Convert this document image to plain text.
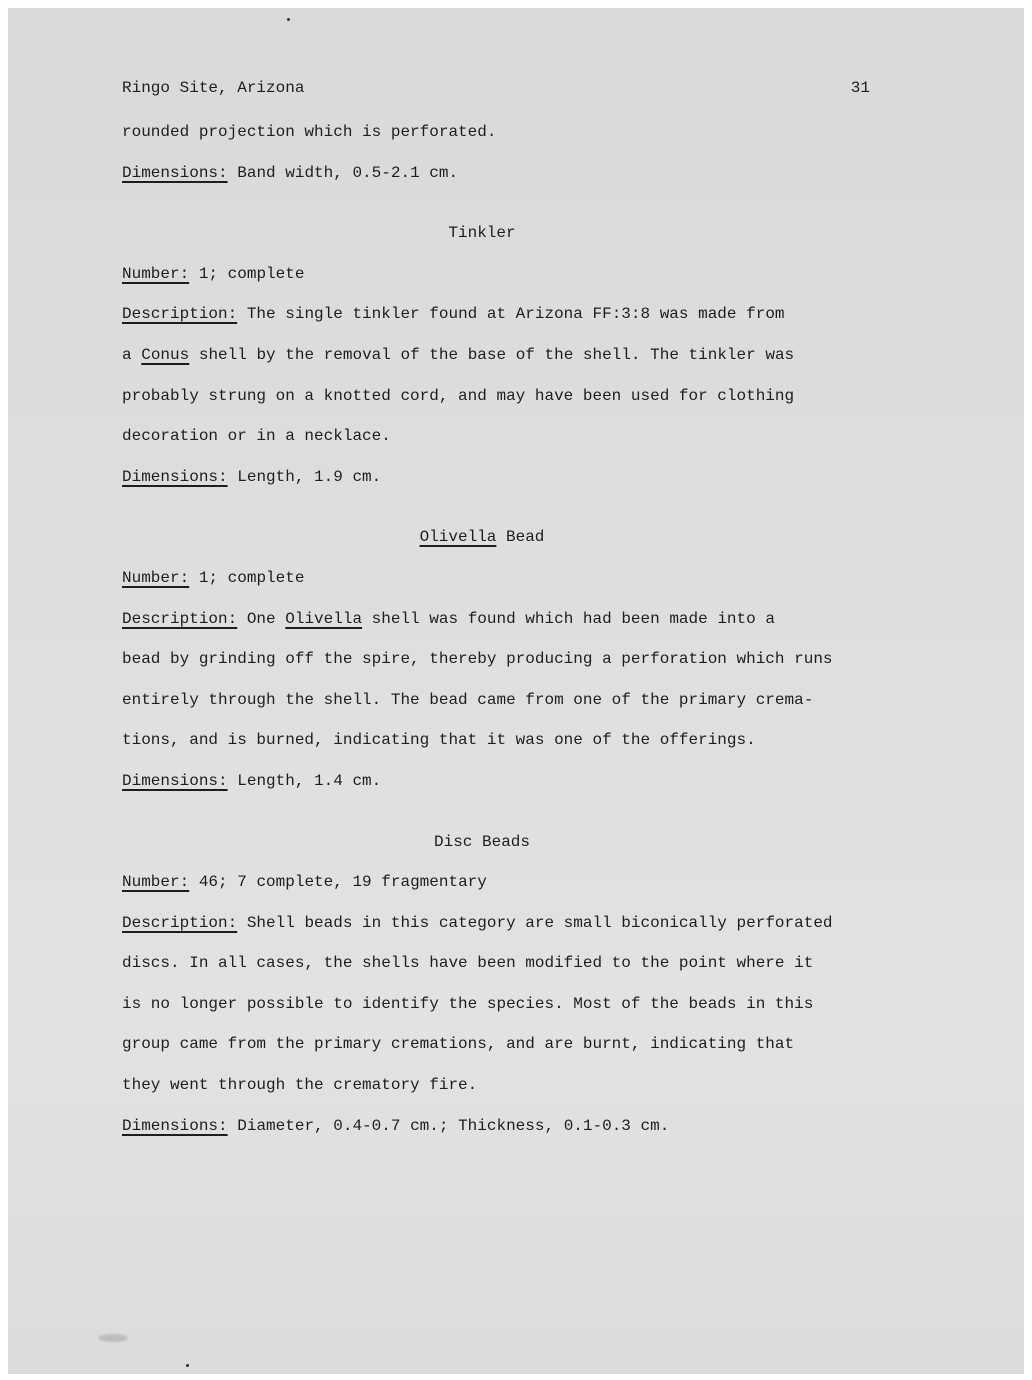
Ringo Site, Arizona	31
rounded projection which is perforated.
Dimensions: Band width, 0.5-2.1 cm.
Tinkler
Number: 1; complete
Description: The single tinkler found at Arizona FF:3:8 was made from
a Conus shell by the removal of the base of the shell. The tinkler was
probably strung on a knotted cord, and may have been used for clothing
decoration or in a necklace.
Dimensions: Length, 1.9 cm.
Olivella Bead
Number: 1; complete
Description: One Olivella shell was found which had been made into a
bead by grinding off the spire, thereby producing a perforation which runs
entirely through the shell. The bead came from one of the primary crema-
tions, and is burned, indicating that it was one of the offerings.
Dimensions: Length, 1.4 cm.
Disc Beads
Number: 46; 7 complete, 19 fragmentary
Description: Shell beads in this category are small biconically perforated
discs. In all cases, the shells have been modified to the point where it
is no longer possible to identify the species. Most of the beads in this
group came from the primary cremations, and are burnt, indicating that
they went through the crematory fire.
Dimensions: Diameter, 0.4-0.7 cm.; Thickness, 0.1-0.3 cm.
